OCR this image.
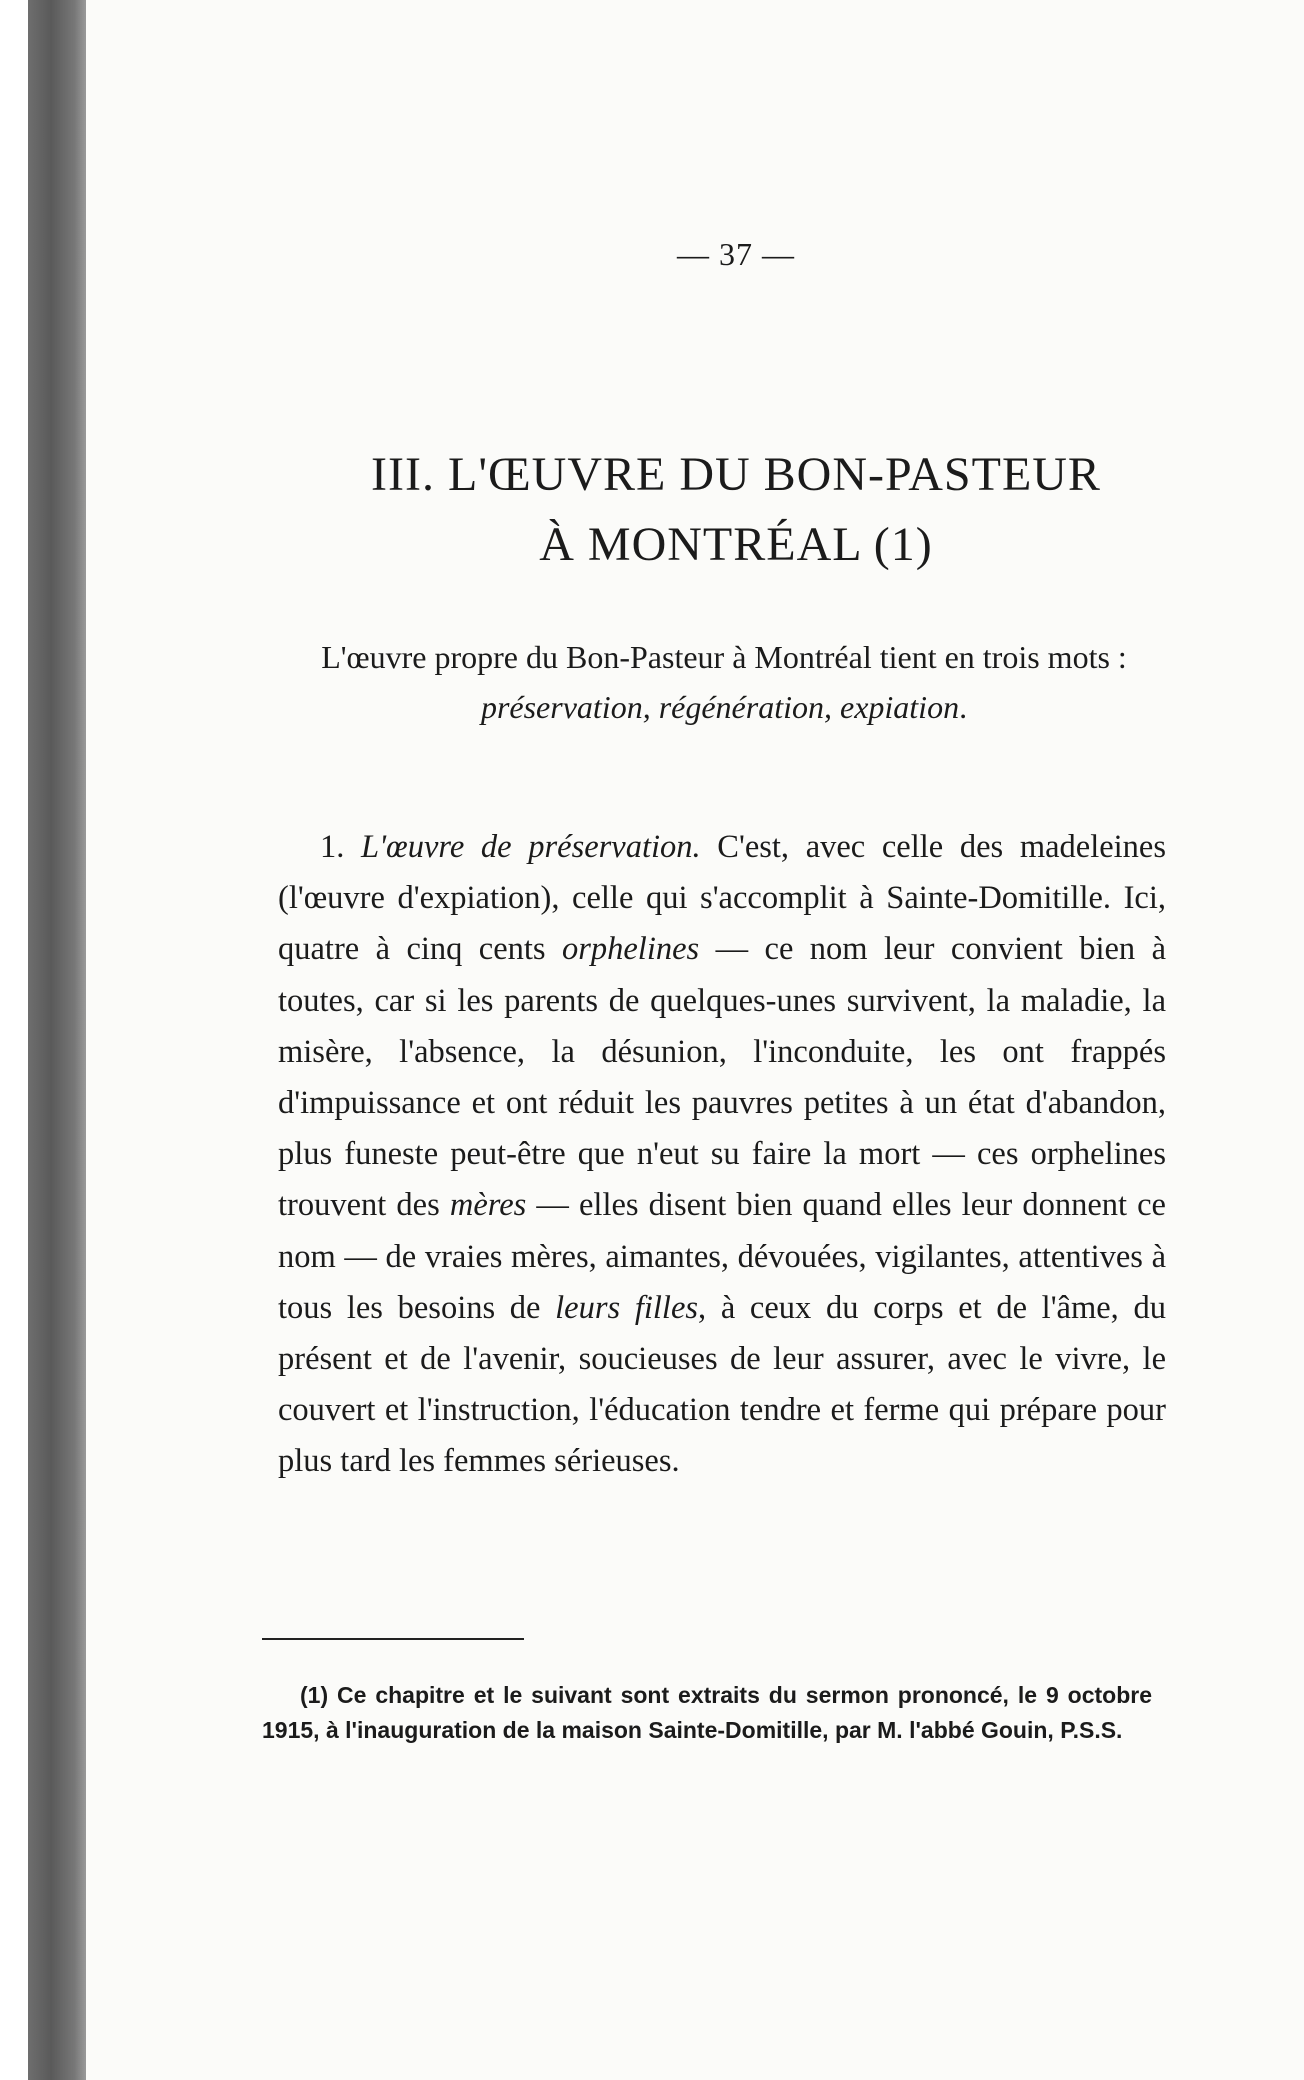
— 37 —
III. L'ŒUVRE DU BON-PASTEUR
À MONTRÉAL (1)
L'œuvre propre du Bon-Pasteur à Montréal tient en trois mots : préservation, régénération, expiation.

1. L'œuvre de préservation. C'est, avec celle des madeleines (l'œuvre d'expiation), celle qui s'accomplit à Sainte-Domitille. Ici, quatre à cinq cents orphelines — ce nom leur convient bien à toutes, car si les parents de quelques-unes survivent, la maladie, la misère, l'absence, la désunion, l'inconduite, les ont frappés d'impuissance et ont réduit les pauvres petites à un état d'abandon, plus funeste peut-être que n'eut su faire la mort — ces orphelines trouvent des mères — elles disent bien quand elles leur donnent ce nom — de vraies mères, aimantes, dévouées, vigilantes, attentives à tous les besoins de leurs filles, à ceux du corps et de l'âme, du présent et de l'avenir, soucieuses de leur assurer, avec le vivre, le couvert et l'instruction, l'éducation tendre et ferme qui prépare pour plus tard les femmes sérieuses.

(1) Ce chapitre et le suivant sont extraits du sermon prononcé, le 9 octobre 1915, à l'inauguration de la maison Sainte-Domitille, par M. l'abbé Gouin, P.S.S.
